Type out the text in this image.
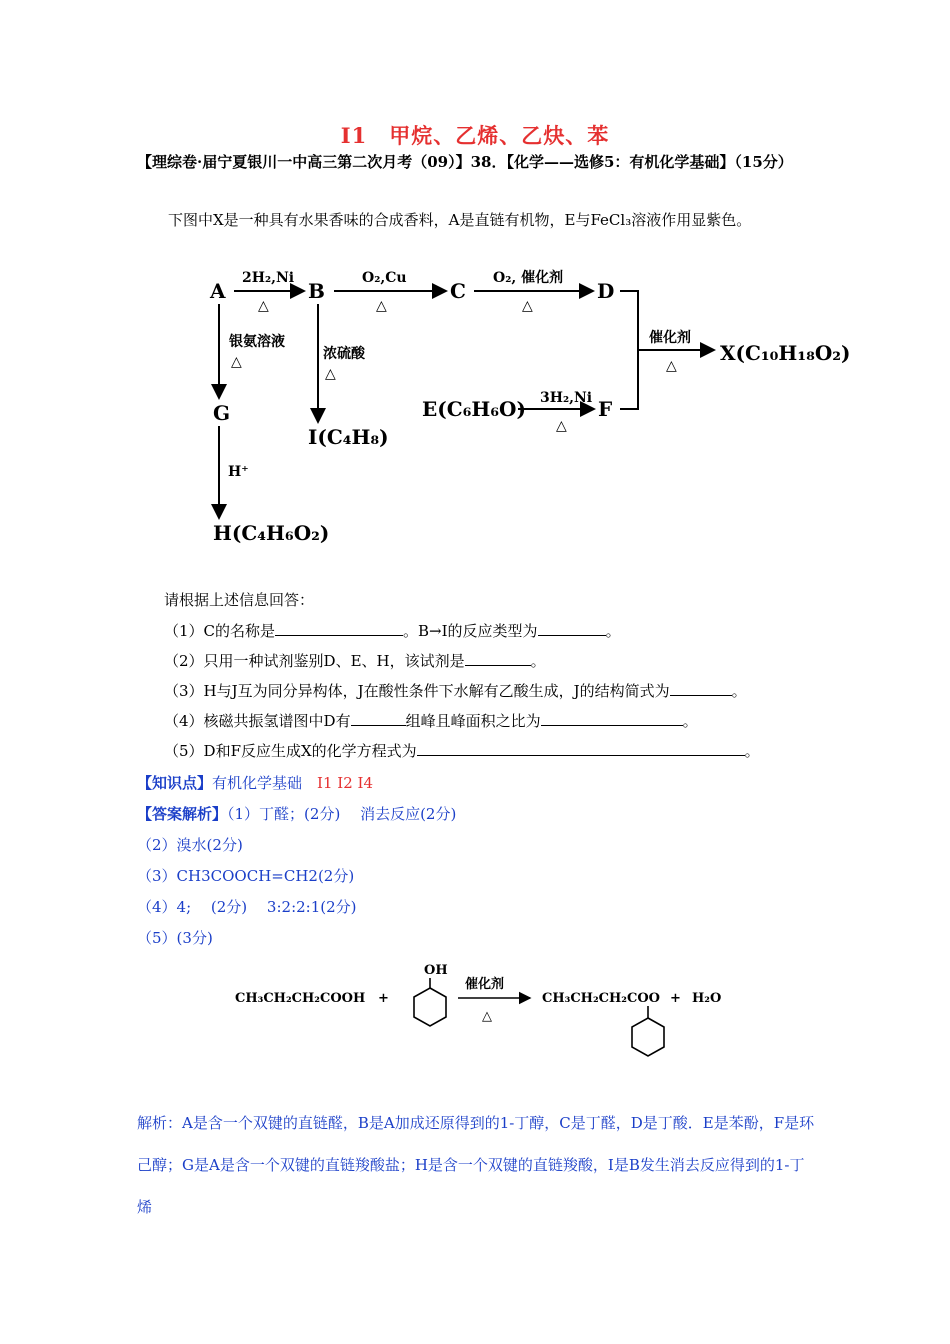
I1　甲烷、乙烯、乙炔、苯
【理综卷·届宁夏银川一中高三第二次月考（09）】38．【化学——选修5：有机化学基础】（15分）
下图中X是一种具有水果香味的合成香料，A是直链有机物，E与FeCl₃溶液作用显紫色。
A	B	C	D
X(C₁₀H₁₈O₂)
E(C₆H₆O)	F
G
I(C₄H₈)
H(C₄H₆O₂)
2H₂,Ni
△
O₂,Cu
△
O₂, 催化剂
△
催化剂
△
3H₂,Ni
△
银氨溶液
△	浓硫酸
△
H⁺
请根据上述信息回答：
（1）C的名称是	。B→I的反应类型为	。
（2）只用一种试剂鉴别D、E、H，该试剂是	。
（3）H与J互为同分异构体，J在酸性条件下水解有乙酸生成，J的结构简式为	。
（4）核磁共振氢谱图中D有	组峰且峰面积之比为	。
（5）D和F反应生成X的化学方程式为	。
【知识点】有机化学基础　 I1 I2 I4
【答案解析】（1）丁醛；(2分)　 消去反应(2分)
（2）溴水(2分)
（3）CH3COOCH=CH2(2分)
（4）4;　 (2分)　 3:2:2:1(2分)
（5）(3分)
CH₃CH₂CH₂COOH +
OH
催化剂
△
CH₃CH₂CH₂COO + H₂O
解析：A是含一个双键的直链醛，B是A加成还原得到的1-丁醇，C是丁醛，D是丁酸．E是苯酚，F是环己醇；G是A是含一个双键的直链羧酸盐；H是含一个双键的直链羧酸，I是B发生消去反应得到的1-丁烯
